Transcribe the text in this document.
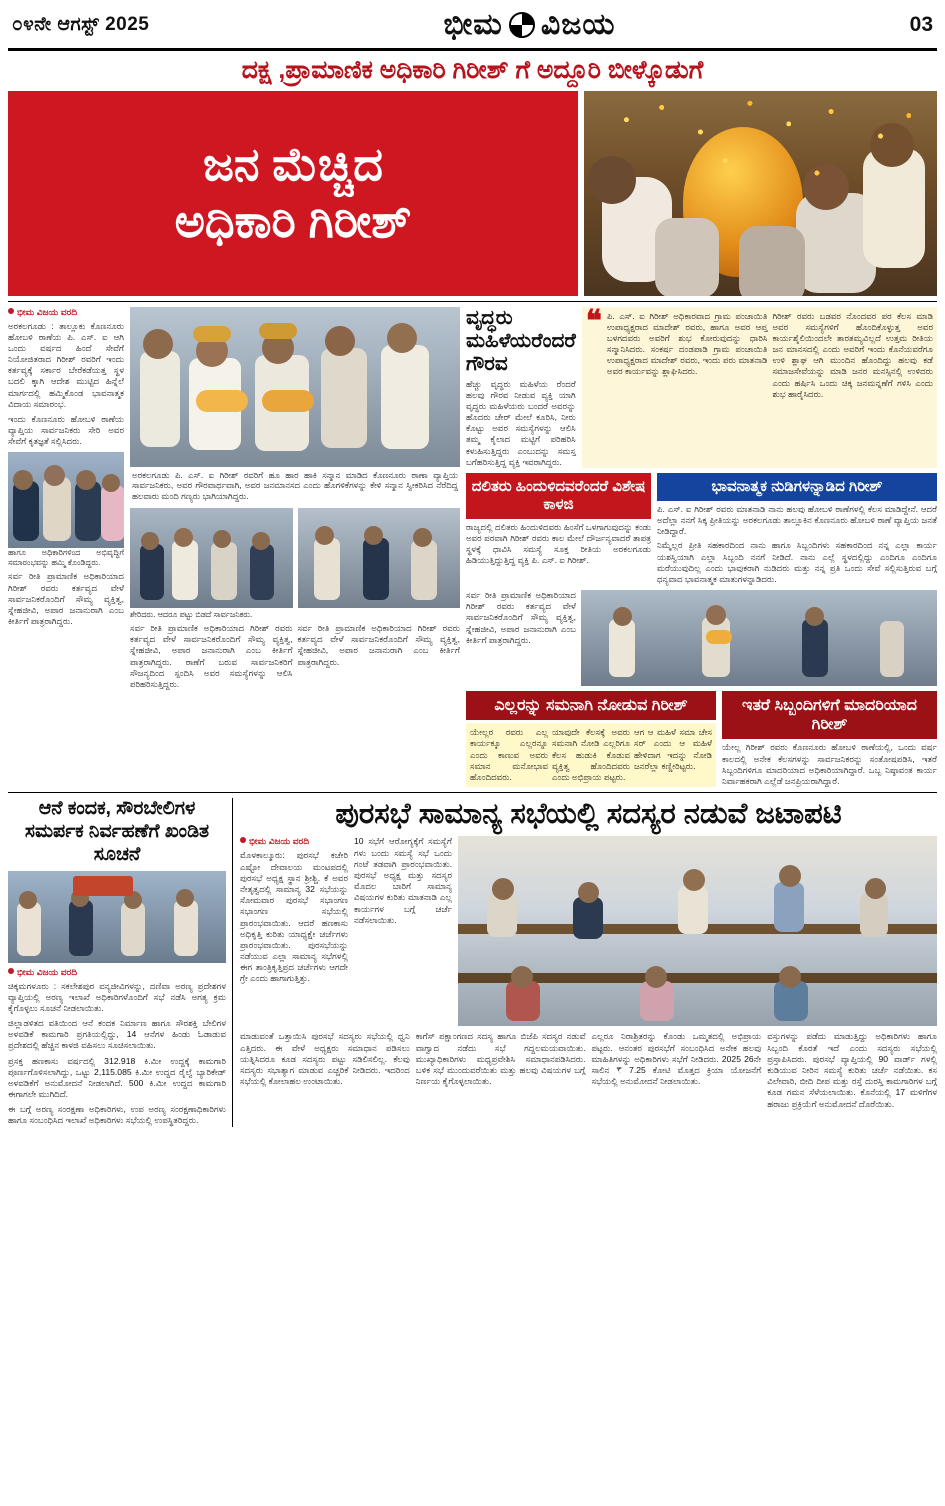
೦೪ನೇ ಆಗಸ್ಟ್ 2025	ಭೀಮ ವಿಜಯ	03
ದಕ್ಷ ,ಪ್ರಾಮಾಣಿಕ ಅಧಿಕಾರಿ ಗಿರೀಶ್ ಗೆ ಅದ್ದೂರಿ ಬೀಳ್ಕೊಡುಗೆ
ಜನ ಮೆಚ್ಚಿದ
ಅಧಿಕಾರಿ ಗಿರೀಶ್
ಭೀಮ ವಿಜಯ ವರದಿ
ಅರಕಲಗೂಡು : ತಾಲ್ಲೂಕು ಕೊಣನೂರು ಹೋಬಳಿ ಠಾಣೆಯ ಪಿ. ಎಸ್. ಐ ಆಗಿ ಒಂದು ವರ್ಷದ ಹಿಂದೆ ಸೇವೆಗೆ ನಿಯೋಜಿತರಾದ ಗಿರೀಶ್ ರವರಿಗೆ ಇಂದು ಕರ್ತವ್ಯಕ್ಕೆ ಸರ್ಕಾರ ಬೇರೆಕಡೆಯತ್ತ ಸ್ಥಳ ಬದಲಿ ಕ್ಕಾಗಿ ಆದೇಶ ಮುಟ್ಟಿದ ಹಿನ್ನೆಲೆ ಮಾರ್ಗದಲ್ಲಿ ಹಮ್ಮಿಕೊಂಡ ಭಾವನಾತ್ಮಕ ವಿದಾಯ ಸಮಾರಂಭ.
ಇಂದು ಕೊಣನೂರು ಹೋಬಳಿ ಠಾಣೆಯ ವ್ಯಾಪ್ತಿಯ ಸಾರ್ವಜನಿಕರು ಸೇರಿ ಅವರ ಸೇವೆಗೆ ಕೃತಜ್ಞತೆ ಸಲ್ಲಿಸಿದರು.
ಹಾಗೂ ಅಧಿಕಾರಿಗಳಿಂದ ಅಭಿವೃದ್ಧಿಗೆ ಸಮಾರಂಭವನ್ನು ಹಮ್ಮಿ ಕೊಂಡಿದ್ದರು.
ಸರ್ವ ರೀತಿ ಪ್ರಾಮಾಣಿಕ ಅಧಿಕಾರಿಯಾದ ಗಿರೀಶ್ ರವರು ಕರ್ತವ್ಯದ ವೇಳೆ ಸಾರ್ವಜನಿಕರೊಂದಿಗೆ ಸೌಮ್ಯ ವ್ಯಕ್ತಿತ್ವ, ಸ್ನೇಹಜೀವಿ, ಅಪಾರ ಜನಾನುರಾಗಿ ಎಂಬ ಕೀರ್ತಿಗೆ ಪಾತ್ರರಾಗಿದ್ದರು.
ಅರಕಲಗೂಡು ಪಿ. ಎಸ್. ಐ ಗಿರೀಶ್ ರವರಿಗೆ ಹೂ ಹಾರ ಹಾಕಿ ಸನ್ಮಾನ ಮಾಡಿದ ಕೊಣನೂರು ಠಾಣಾ ವ್ಯಾಪ್ತಿಯ ಸಾರ್ವಜನಿಕರು, ಅವರ ಗೌರವಾರ್ಥವಾಗಿ, ಅವರ ಜನಮಾನಸದ ಎಂದು ಹೊಗಳಿಕೆಗಳನ್ನು ಕೇಳಿ ಸನ್ಮಾನ ಸ್ವೀಕರಿಸಿದ ನೆರೆದಿದ್ದ ಹಲವಾರು ಮಂದಿ ಗಣ್ಯರು ಭಾಗಿಯಾಗಿದ್ದರು.
ಶೇರಿದರು. ಆದರೂ ಪಟ್ಟು ಬಿಡದೆ ಸಾರ್ವಜನಿಕರು.
ಸರ್ವ ರೀತಿ ಪ್ರಾಮಾಣಿಕ ಅಧಿಕಾರಿಯಾದ ಗಿರೀಶ್ ರವರು ಕರ್ತವ್ಯದ ವೇಳೆ ಸಾರ್ವಜನಿಕರೊಂದಿಗೆ ಸೌಮ್ಯ ವ್ಯಕ್ತಿತ್ವ, ಸ್ನೇಹಜೀವಿ, ಅಪಾರ ಜನಾನುರಾಗಿ ಎಂಬ ಕೀರ್ತಿಗೆ ಪಾತ್ರರಾಗಿದ್ದರು. ಠಾಣೆಗೆ ಬರುವ ಸಾರ್ವಜನಿಕರಿಗೆ ಸೌಜನ್ಯದಿಂದ ಸ್ಪಂದಿಸಿ ಅವರ ಸಮಸ್ಯೆಗಳನ್ನು ಆಲಿಸಿ ಪರಿಹರಿಸುತ್ತಿದ್ದರು.
ಸರ್ವ ರೀತಿ ಪ್ರಾಮಾಣಿಕ ಅಧಿಕಾರಿಯಾದ ಗಿರೀಶ್ ರವರು ಕರ್ತವ್ಯದ ವೇಳೆ ಸಾರ್ವಜನಿಕರೊಂದಿಗೆ ಸೌಮ್ಯ ವ್ಯಕ್ತಿತ್ವ, ಸ್ನೇಹಜೀವಿ, ಅಪಾರ ಜನಾನುರಾಗಿ ಎಂಬ ಕೀರ್ತಿಗೆ ಪಾತ್ರರಾಗಿದ್ದರು.
ವೃದ್ಧರು ಮಹಿಳೆಯರೆಂದರೆ ಗೌರವ
ಹೆಚ್ಚು ವೃದ್ಧರು ಮಹಿಳೆಯ ರೆಂದರೆ ಹಲವು ಗೌರವ ನೀಡುವ ವ್ಯಕ್ತಿ ಯಾಗಿ ವೃದ್ಧರು ಮಹಿಳೆಯರು ಬಂದರೆ ಅವರನ್ನು ಹೊದರು ಚೇರ್ ಮೇಲೆ ಕೂರಿಸಿ, ನೀರು ಕೊಟ್ಟು ಅವರ ಸಮಸ್ಯೆಗಳನ್ನು ಆಲಿಸಿ ತಮ್ಮ ಕೈಲಾದ ಮಟ್ಟಿಗೆ ಪರಿಹರಿಸಿ ಕಳುಹಿಸುತ್ತಿದ್ದರು ಎಂಬುದನ್ನು ಸಮಸ್ತ ಬಗೆಹರಿಸುತ್ತಿದ್ದ ವ್ಯಕ್ತಿ ಇವರಾಗಿದ್ದರು.
❝ ಪಿ. ಎಸ್. ಐ ಗಿರೀಶ್ ಅಧಿಕಾರವಾದ ಗ್ರಾಮ ಪಂಚಾಯಿತಿ ಉಪಾಧ್ಯಕ್ಷರಾದ ಮಾದೇಶ್ ರವರು, ಹಾಗೂ ಅವರ ಆಪ್ತ ಬಳಗದವರು ಅವರಿಗೆ ಶುಭ ಕೋರುವುದನ್ನು ಧಾರಿಸಿ ಸನ್ಮಾನಿಸಿದರು. ಸಂಕರ್ಷ ದಂಡಪಾಡಿ ಗ್ರಾಮ ಪಂಚಾಯಿತಿ ಉಪಾಧ್ಯಕ್ಷರಾದ ಮಾದೇಶ್ ರವರು, ಇಂದು ಪರು ಮಾತನಾಡಿ ಅವರ ಕಾರ್ಯವನ್ನು ಶ್ಲಾಘಿಸಿದರು.
ಗಿರೀಶ್ ರವರು ಬಡವರ ನೊಂದವರ ಪರ ಕೆಲಸ ಮಾಡಿ ಅವರ ಸಮಸ್ಯೆಗಳಿಗೆ ಹೊಂದಿಕೊಳ್ಳುತ್ತ ಅವರ ಕಾರ್ಯಶೈಲಿಯಿಂದಲೇ ತಾರತಮ್ಯವಿಲ್ಲದೆ ಉತ್ತಮ ರೀತಿಯ ಜನ ಮಾನಸದಲ್ಲಿ ಎಂದು ಅವರಿಗೆ ಇಂದು ಕೊನೆಯವರೆಗೂ ಉಳಿ ಶ್ಲಾಘ ಆಗಿ ಮುಂದಿನ ಹೊಂದಿದ್ದು ಹಲವು ಕಡೆ ಸಮಾಜಸೇವೆಯನ್ನು ಮಾಡಿ ಜನರ ಮನಸ್ಸಿನಲ್ಲಿ ಉಳಿದರು ಎಂದು ಹರ್ಷಿಸಿ ಒಂದು ಚಿಕ್ಕ ಜನಮನ್ನಣೆಗೆ ಗಳಿಸಿ ಎಂದು ಶುಭ ಹಾರೈಸಿದರು.
ದಲಿತರು ಹಿಂದುಳಿದವರೆಂದರೆ ವಿಶೇಷ ಕಾಳಜಿ
ರಾಜ್ಯದಲ್ಲಿ ದಲಿತರು ಹಿಂದುಳಿದವರು ಹಿಂಸೆಗೆ ಒಳಗಾಗುವುದನ್ನು ಕಂಡು ಅವರ ಪರವಾಗಿ ಗಿರೀಶ್ ರವರು ಕಾಲ ಮೇಲೆ ದೌರ್ಜನ್ಯವಾದರೆ ತಾಪತ್ರ ಸ್ಥಳಕ್ಕೆ ಧಾವಿಸಿ ಸಮಸ್ಯೆ ಸೂಕ್ತ ರೀತಿಯ ಅರಕಲಗೂಡು ಹಿಡಿಯುತ್ತಿದ್ದುತ್ತಿದ್ದ ವ್ಯಕ್ತಿ ಪಿ. ಎಸ್. ಐ ಗಿರೀಶ್.
ಭಾವನಾತ್ಮಕ ನುಡಿಗಳನ್ನಾಡಿದ ಗಿರೀಶ್
ಪಿ. ಎಸ್. ಐ ಗಿರೀಶ್ ರವರು ಮಾತನಾಡಿ ನಾನು ಹಲವು ಹೋಬಳಿ ಠಾಣೆಗಳಲ್ಲಿ ಕೆಲಸ ಮಾಡಿದ್ದೇನೆ. ಆದರೆ ಅದೆಲ್ಲಾ ನನಗೆ ಸಿಕ್ಕ ಪ್ರೀತಿಯನ್ನು ಅರಕಲಗೂಡು ತಾಲ್ಲೂಕಿನ ಕೊಣನೂರು ಹೋಬಳಿ ಠಾಣೆ ವ್ಯಾಪ್ತಿಯ ಜನತೆ ನೀಡಿದ್ದಾರೆ.
ನಿಮ್ಮೆಲ್ಲರ ಪ್ರೀತಿ ಸಹಕಾರದಿಂದ ನಾನು ಹಾಗೂ ಸಿಬ್ಬಂದಿಗಳು ಸಹಕಾರದಿಂದ ನನ್ನ ಎಲ್ಲಾ ಕಾರ್ಯ ಯಶಸ್ವಿಯಾಗಿ ಎಲ್ಲಾ ಸಿಬ್ಬಂದಿ ನನಗೆ ನೀಡಿದೆ. ನಾನು ಎಲ್ಲೆ ಸ್ಥಳದಲ್ಲಿದ್ದು ಎಂದಿಗೂ ಎಂದಿಗೂ ಮರೆಯುವುದಿಲ್ಲ ಎಂದು ಭಾವುಕರಾಗಿ ನುಡಿದರು ಮತ್ತು ನನ್ನ ಪ್ರತಿ ಒಂದು ಸೇವೆ ಸಲ್ಲಿಸುತ್ತಿರುವ ಬಗ್ಗೆ ಧನ್ಯವಾದ ಭಾವನಾತ್ಮಕ ಮಾತುಗಳನ್ನಾಡಿದರು.
ಸರ್ವ ರೀತಿ ಪ್ರಾಮಾಣಿಕ ಅಧಿಕಾರಿಯಾದ ಗಿರೀಶ್ ರವರು ಕರ್ತವ್ಯದ ವೇಳೆ ಸಾರ್ವಜನಿಕರೊಂದಿಗೆ ಸೌಮ್ಯ ವ್ಯಕ್ತಿತ್ವ, ಸ್ನೇಹಜೀವಿ, ಅಪಾರ ಜನಾನುರಾಗಿ ಎಂಬ ಕೀರ್ತಿಗೆ ಪಾತ್ರರಾಗಿದ್ದರು.
ಎಲ್ಲರನ್ನು ಸಮನಾಗಿ ನೋಡುವ ಗಿರೀಶ್
ಯೇಲ್ಲರ ರವರು ಎಲ್ಲ ಕಾರ್ಯಕ್ಕೂ ಎಲ್ಲರನ್ನೂ ಎಂದು ಕಾಣುವ ಅವರು ಸಮಾನ ಮನೋಭಾವ ಹೊಂದಿದವರು.
ಯಾವುದೇ ಕೆಲಸಕ್ಕೆ ಅವರು ಸಮನಾಗಿ ನೋಡಿ ಎಲ್ಲರಿಗೂ ಕೆಲಸ ಹುಡುಕಿ ಕೊಡುವ ವ್ಯಕ್ತಿತ್ವ ಹೊಂದಿದವರು ಎಂದು ಅಭಿಪ್ರಾಯ ಪಟ್ಟರು.
ಆಗ ಆ ಮಹಿಳೆ ಸಮಾ ಚೇಸ ಸರ್ ಎಂದು ಆ ಮಹಿಳೆ ಹೇಳಿದಾಗ ಇದನ್ನು ನೋಡಿ ಜನರೆಲ್ಲಾ ಕಣ್ಣೀರಿಟ್ಟರು.
ಇತರೆ ಸಿಬ್ಬಂದಿಗಳಿಗೆ ಮಾದರಿಯಾದ ಗಿರೀಶ್
ಯೇಲ್ಲ ಗಿರೀಶ್ ರವರು ಕೊಣನೂರು ಹೋಬಳಿ ಠಾಣೆಯಲ್ಲಿ, ಒಂದು ವರ್ಷ ಕಾಲದಲ್ಲಿ ಅನೇಕ ಕೆಲಸಗಳನ್ನು ಸಾರ್ವಜನಿಕರನ್ನು ಸಂತೋಷಪಡಿಸಿ, ಇತರೆ ಸಿಬ್ಬಂದಿಗಳಿಗೂ ಮಾದರಿಯಾದ ಅಧಿಕಾರಿಯಾಗಿದ್ದಾರೆ. ಒಬ್ಬ ನಿಷ್ಠಾವಂತ ಕಾರ್ಯ ನಿರ್ವಾಹಕರಾಗಿ ಎಲ್ಲೆಡೆ ಜನಪ್ರಿಯರಾಗಿದ್ದಾರೆ.
ಆನೆ ಕಂದಕ, ಸೌರಬೇಲಿಗಳ ಸಮರ್ಪಕ ನಿರ್ವಹಣೆಗೆ ಖಂಡಿತ ಸೂಚನೆ
ಭೀಮ ವಿಜಯ ವರದಿ
ಚಿಕ್ಕಮಗಳೂರು : ಸಕಲೇಶಪುರ ವನ್ಯಜೀವಿಗಳನ್ನು, ದಣಿವಾ ಅರಣ್ಯ ಪ್ರದೇಶಗಳ ವ್ಯಾಪ್ತಿಯಲ್ಲಿ ಅರಣ್ಯ ಇಲಾಖೆ ಅಧಿಕಾರಿಗಳೊಂದಿಗೆ ಸಭೆ ನಡೆಸಿ ಅಗತ್ಯ ಕ್ರಮ ಕೈಗೊಳ್ಳಲು ಸೂಚನೆ ನೀಡಲಾಯಿತು.
ಜಿಲ್ಲಾಡಳಿತದ ವತಿಯಿಂದ ಆನೆ ಕಂದಕ ನಿರ್ಮಾಣ ಹಾಗೂ ಸೌರಶಕ್ತಿ ಬೇಲಿಗಳ ಅಳವಡಿಕೆ ಕಾಮಗಾರಿ ಪ್ರಗತಿಯಲ್ಲಿದ್ದು, 14 ಆನೆಗಳ ಹಿಂಡು ಓಡಾಡುವ ಪ್ರದೇಶದಲ್ಲಿ ಹೆಚ್ಚಿನ ಕಾಳಜಿ ವಹಿಸಲು ಸೂಚಿಸಲಾಯಿತು.
ಪ್ರಸಕ್ತ ಹಣಕಾಸು ವರ್ಷದಲ್ಲಿ 312.918 ಕಿ.ಮೀ ಉದ್ದಕ್ಕೆ ಕಾಮಗಾರಿ ಪೂರ್ಣಗೊಳಿಸಲಾಗಿದ್ದು, ಒಟ್ಟು 2,115.085 ಕಿ.ಮೀ ಉದ್ದದ ರೈಲ್ವೆ ಬ್ಯಾರಿಕೇಡ್ ಅಳವಡಿಕೆಗೆ ಅನುಮೋದನೆ ನೀಡಲಾಗಿದೆ. 500 ಕಿ.ಮೀ ಉದ್ದದ ಕಾಮಗಾರಿ ಈಗಾಗಲೇ ಮುಗಿದಿದೆ.
ಈ ಬಗ್ಗೆ ಅರಣ್ಯ ಸಂರಕ್ಷಣಾ ಅಧಿಕಾರಿಗಳು, ಉಪ ಅರಣ್ಯ ಸಂರಕ್ಷಣಾಧಿಕಾರಿಗಳು ಹಾಗೂ ಸಂಬಂಧಿಸಿದ ಇಲಾಖೆ ಅಧಿಕಾರಿಗಳು ಸಭೆಯಲ್ಲಿ ಉಪಸ್ಥಿತರಿದ್ದರು.
ಪುರಸಭೆ ಸಾಮಾನ್ಯ ಸಭೆಯಲ್ಲಿ ಸದಸ್ಯರ ನಡುವೆ ಜಟಾಪಟಿ
ಭೀಮ ವಿಜಯ ವರದಿ
ಮೊಳಕಾಲ್ಮೂರು: ಪುರಸಭೆ ಕಚೇರಿ ಎಷ್ಟೋ ದೇವಾಲಯ ಮಂಟಪದಲ್ಲಿ ಪುರಸಭೆ ಅಧ್ಯಕ್ಷ ಸ್ಥಾನ ಶ್ರೀಶ್ಚಿ. ಕೆ ಅವರ ನೇತೃತ್ವದಲ್ಲಿ ಸಾಮಾನ್ಯ 32 ಸಭೆಯನ್ನು ಸೋಮವಾರ ಪುರಸಭೆ ಸಭಾಂಗಣ ಸಭಾಂಗಣ ಸಭೆಯಲ್ಲಿ ಪ್ರಾರಂಭವಾಯಿತು. ಆದರೆ ಹಣಕಾಸು ಅಧಿಕೃತ್ತಿ ಕುರಿತು ಯಾಧ್ಯಕ್ಷೇ ಚರ್ಚೆಗಳು ಪ್ರಾರಂಭವಾಯಿತು. ಪುರಸಭೆಯನ್ನು ನಡೆಯುವ ಎಲ್ಲಾ ಸಾಮಾನ್ಯ ಸಭೆಗಳಲ್ಲಿ ಈಗ ತಾಂತ್ರಿಕೃತ್ತಿಪ್ರದ ಚರ್ಚೆಗಳು ಆಗದೇ ಗ್ರೇ ಎಂದು ಹಾಗಾಗುತ್ತಿತ್ತು.
10 ಸಭೆಗೆ ಆರೋಗ್ಯಕ್ಕೆಗೆ ಸಮಸ್ಯೆಗೆ ಗಳು ಬಂದು ಸಮಸ್ಯೆ ಸಭೆ ಒಂದು ಗಂಟೆ ತಡವಾಗಿ ಪ್ರಾರಂಭವಾಯಿತು. ಪುರಸಭೆ ಅಧ್ಯಕ್ಷ ಮತ್ತು ಸದಸ್ಯರ ಮೊದಲ ಬಾರಿಗೆ ಸಾಮಾನ್ಯ ವಿಷಯಗಳ ಕುರಿತು ಮಾತನಾಡಿ ಎಲ್ಲ ಕಾರ್ಯಗಳ ಬಗ್ಗೆ ಚರ್ಚೆ ನಡೆಸಲಾಯಿತು.
ಮಾಡುವಂತೆ ಒತ್ತಾಯಿಸಿ ಪುರಸಭೆ ಸದಸ್ಯರು ಸಭೆಯಲ್ಲಿ ಧ್ವನಿ ಎತ್ತಿದರು. ಈ ವೇಳೆ ಅಧ್ಯಕ್ಷರು ಸಮಾಧಾನ ಪಡಿಸಲು ಯತ್ನಿಸಿದರೂ ಕೂಡ ಸದಸ್ಯರು ಪಟ್ಟು ಸಡಿಲಿಸಲಿಲ್ಲ. ಕೆಲವು ಸದಸ್ಯರು ಸಭಾತ್ಯಾಗ ಮಾಡುವ ಎಚ್ಚರಿಕೆ ನೀಡಿದರು. ಇದರಿಂದ ಸಭೆಯಲ್ಲಿ ಕೋಲಾಹಲ ಉಂಟಾಯಿತು.
ಕಾಗೆಸ್ ಪಕ್ಷಾಂಗಣದ ಸದಸ್ಯ ಹಾಗೂ ಬಿಜೆಪಿ ಸದಸ್ಯರ ನಡುವೆ ವಾಗ್ವಾದ ನಡೆದು ಸಭೆ ಗದ್ದಲಮಯವಾಯಿತು. ಮುಖ್ಯಾಧಿಕಾರಿಗಳು ಮಧ್ಯಪ್ರವೇಶಿಸಿ ಸಮಾಧಾನಪಡಿಸಿದರು. ಬಳಿಕ ಸಭೆ ಮುಂದುವರೆಯಿತು ಮತ್ತು ಹಲವು ವಿಷಯಗಳ ಬಗ್ಗೆ ನಿರ್ಣಯ ಕೈಗೊಳ್ಳಲಾಯಿತು.
ಎಲ್ಲರೂ ನಿರಾಶ್ರಿತರನ್ನು ಕೊಂಡು ಒಮ್ಮತದಲ್ಲಿ ಅಭಿಪ್ರಾಯ ಪಟ್ಟರು. ಆನಂತರ ಪುರಸಭೆಗೆ ಸಂಬಂಧಿಸಿದ ಅನೇಕ ಹಲವು ಮಾಹಿತಿಗಳನ್ನು ಅಧಿಕಾರಿಗಳು ಸಭೆಗೆ ನೀಡಿದರು. 2025 26ನೇ ಸಾಲಿನ ₹ 7.25 ಕೋಟಿ ಮೊತ್ತದ ಕ್ರಿಯಾ ಯೋಜನೆಗೆ ಸಭೆಯಲ್ಲಿ ಅನುಮೋದನೆ ನೀಡಲಾಯಿತು.
ವಸ್ತುಗಳನ್ನು ಪಡೆದು ಮಾಡುತ್ತಿದ್ದು ಅಧಿಕಾರಿಗಳು ಹಾಗೂ ಸಿಬ್ಬಂದಿ ಕೊರತೆ ಇದೆ ಎಂದು ಸದಸ್ಯರು ಸಭೆಯಲ್ಲಿ ಪ್ರಸ್ತಾಪಿಸಿದರು. ಪುರಸಭೆ ವ್ಯಾಪ್ತಿಯಲ್ಲಿ 90 ವಾರ್ಡ್ ಗಳಲ್ಲಿ ಕುಡಿಯುವ ನೀರಿನ ಸಮಸ್ಯೆ ಕುರಿತು ಚರ್ಚೆ ನಡೆಯಿತು. ಕಸ ವಿಲೇವಾರಿ, ಬೀದಿ ದೀಪ ಮತ್ತು ರಸ್ತೆ ದುರಸ್ತಿ ಕಾಮಗಾರಿಗಳ ಬಗ್ಗೆ ಕೂಡ ಗಮನ ಸೆಳೆಯಲಾಯಿತು. ಕೊನೆಯಲ್ಲಿ 17 ಮಳಿಗೆಗಳ ಹರಾಜು ಪ್ರಕ್ರಿಯೆಗೆ ಅನುಮೋದನೆ ದೊರೆಯಿತು.
